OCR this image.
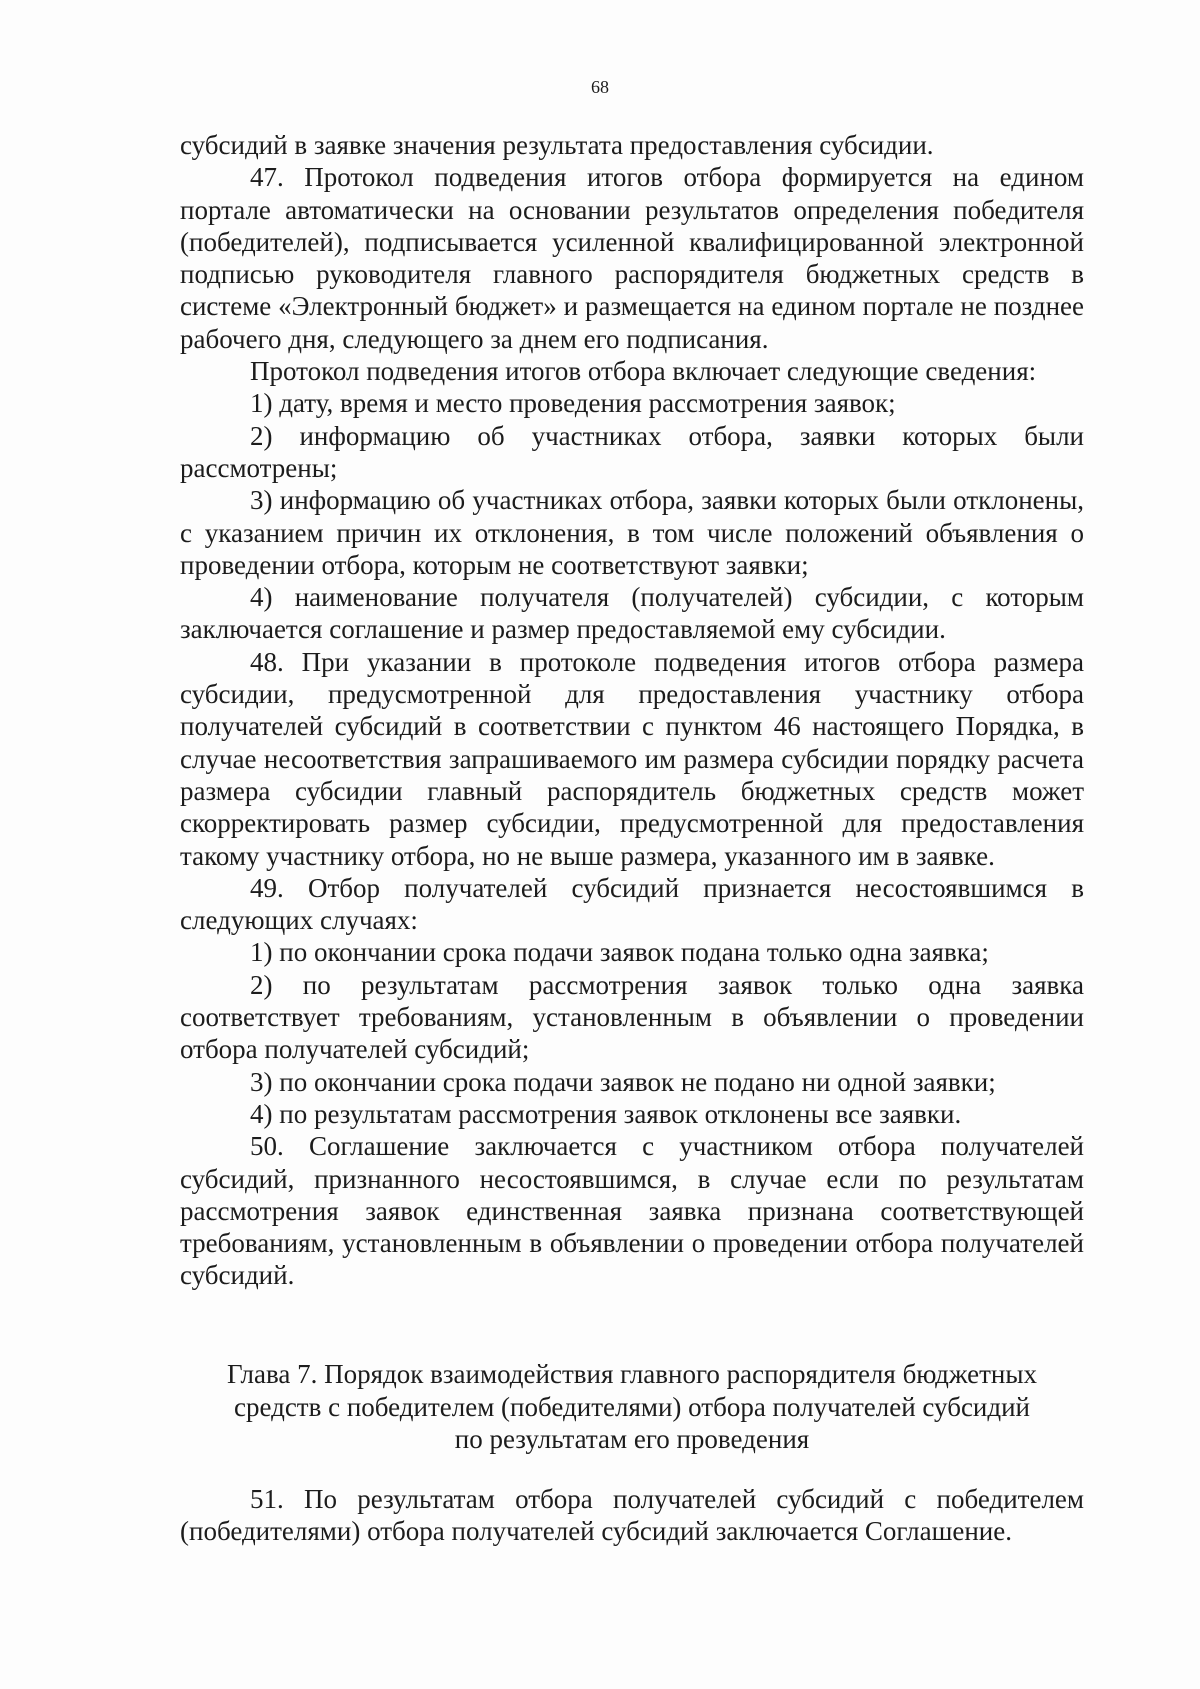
68

субсидий в заявке значения результата предоставления субсидии.

47. Протокол подведения итогов отбора формируется на едином портале автоматически на основании результатов определения победителя (победителей), подписывается усиленной квалифицированной электронной подписью руководителя главного распорядителя бюджетных средств в системе «Электронный бюджет» и размещается на едином портале не позднее рабочего дня, следующего за днем его подписания.

Протокол подведения итогов отбора включает следующие сведения:

1) дату, время и место проведения рассмотрения заявок;

2) информацию об участниках отбора, заявки которых были рассмотрены;

3) информацию об участниках отбора, заявки которых были отклонены, с указанием причин их отклонения, в том числе положений объявления о проведении отбора, которым не соответствуют заявки;

4) наименование получателя (получателей) субсидии, с которым заключается соглашение и размер предоставляемой ему субсидии.

48. При указании в протоколе подведения итогов отбора размера субсидии, предусмотренной для предоставления участнику отбора получателей субсидий в соответствии с пунктом 46 настоящего Порядка, в случае несоответствия запрашиваемого им размера субсидии порядку расчета размера субсидии главный распорядитель бюджетных средств может скорректировать размер субсидии, предусмотренной для предоставления такому участнику отбора, но не выше размера, указанного им в заявке.

49. Отбор получателей субсидий признается несостоявшимся в следующих случаях:

1) по окончании срока подачи заявок подана только одна заявка;

2) по результатам рассмотрения заявок только одна заявка соответствует требованиям, установленным в объявлении о проведении отбора получателей субсидий;

3) по окончании срока подачи заявок не подано ни одной заявки;

4) по результатам рассмотрения заявок отклонены все заявки.

50. Соглашение заключается с участником отбора получателей субсидий, признанного несостоявшимся, в случае если по результатам рассмотрения заявок единственная заявка признана соответствующей требованиям, установленным в объявлении о проведении отбора получателей субсидий.

Глава 7. Порядок взаимодействия главного распорядителя бюджетных
средств с победителем (победителями) отбора получателей субсидий
по результатам его проведения

51. По результатам отбора получателей субсидий с победителем (победителями) отбора получателей субсидий заключается Соглашение.
